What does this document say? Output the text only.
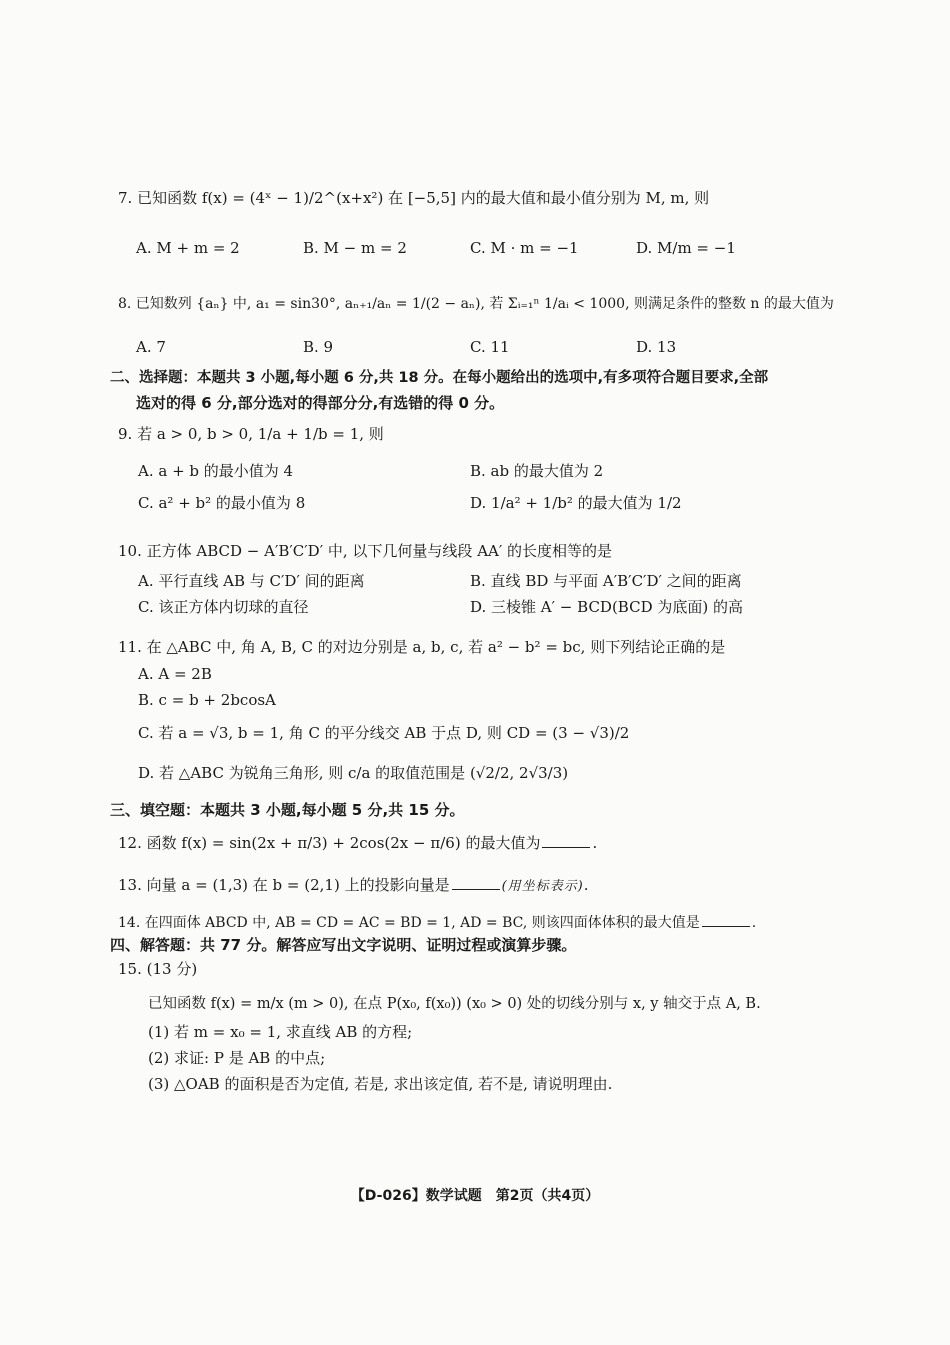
7. 已知函数 f(x) = (4ˣ − 1)/2^(x+x²) 在 [−5,5] 内的最大值和最小值分别为 M, m, 则
A. M + m = 2	B. M − m = 2	C. M · m = −1	D. M/m = −1
8. 已知数列 {aₙ} 中, a₁ = sin30°, aₙ₊₁/aₙ = 1/(2 − aₙ), 若 Σᵢ₌₁ⁿ 1/aᵢ < 1000, 则满足条件的整数 n 的最大值为
A. 7	B. 9	C. 11	D. 13
二、选择题：本题共 3 小题,每小题 6 分,共 18 分。在每小题给出的选项中,有多项符合题目要求,全部
选对的得 6 分,部分选对的得部分分,有选错的得 0 分。
9. 若 a > 0, b > 0, 1/a + 1/b = 1, 则
A. a + b 的最小值为 4	B. ab 的最大值为 2
C. a² + b² 的最小值为 8	D. 1/a² + 1/b² 的最大值为 1/2
10. 正方体 ABCD − A′B′C′D′ 中, 以下几何量与线段 AA′ 的长度相等的是
A. 平行直线 AB 与 C′D′ 间的距离	B. 直线 BD 与平面 A′B′C′D′ 之间的距离
C. 该正方体内切球的直径	D. 三棱锥 A′ − BCD(BCD 为底面) 的高
11. 在 △ABC 中, 角 A, B, C 的对边分别是 a, b, c, 若 a² − b² = bc, 则下列结论正确的是
A. A = 2B
B. c = b + 2bcosA
C. 若 a = √3, b = 1, 角 C 的平分线交 AB 于点 D, 则 CD = (3 − √3)/2
D. 若 △ABC 为锐角三角形, 则 c/a 的取值范围是 (√2/2, 2√3/3)
三、填空题：本题共 3 小题,每小题 5 分,共 15 分。
12. 函数 f(x) = sin(2x + π/3) + 2cos(2x − π/6) 的最大值为	.
13. 向量 a = (1,3) 在 b = (2,1) 上的投影向量是	(用坐标表示).
14. 在四面体 ABCD 中, AB = CD = AC = BD = 1, AD = BC, 则该四面体体积的最大值是	.
四、解答题：共 77 分。解答应写出文字说明、证明过程或演算步骤。
15. (13 分)
已知函数 f(x) = m/x (m > 0), 在点 P(x₀, f(x₀)) (x₀ > 0) 处的切线分别与 x, y 轴交于点 A, B.
(1) 若 m = x₀ = 1, 求直线 AB 的方程;
(2) 求证: P 是 AB 的中点;
(3) △OAB 的面积是否为定值, 若是, 求出该定值, 若不是, 请说明理由.
【D-026】数学试题　第2页（共4页）
